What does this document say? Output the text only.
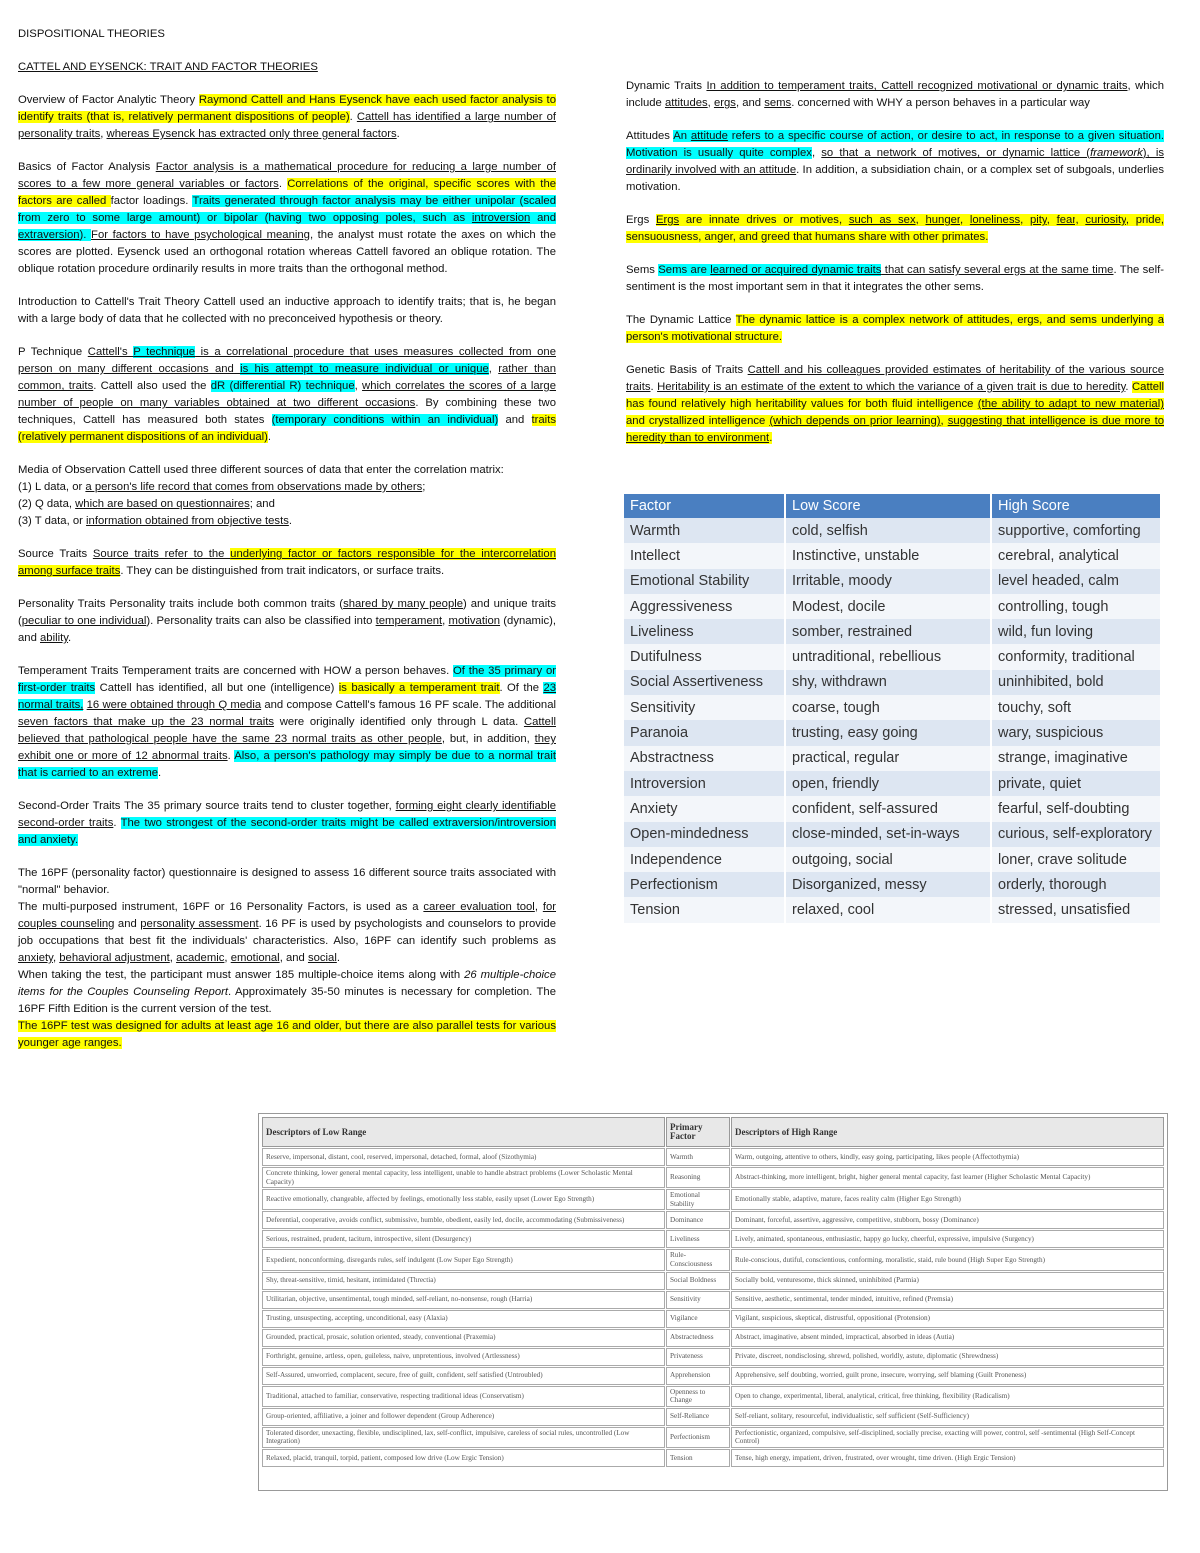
DISPOSITIONAL THEORIES

CATTEL AND EYSENCK: TRAIT AND FACTOR THEORIES

Overview of Factor Analytic Theory Raymond Cattell and Hans Eysenck have each used factor analysis to identify traits (that is, relatively permanent dispositions of people). Cattell has identified a large number of personality traits, whereas Eysenck has extracted only three general factors.

Basics of Factor Analysis Factor analysis is a mathematical procedure for reducing a large number of scores to a few more general variables or factors. Correlations of the original, specific scores with the factors are called factor loadings. Traits generated through factor analysis may be either unipolar (scaled from zero to some large amount) or bipolar (having two opposing poles, such as introversion and extraversion). For factors to have psychological meaning, the analyst must rotate the axes on which the scores are plotted. Eysenck used an orthogonal rotation whereas Cattell favored an oblique rotation. The oblique rotation procedure ordinarily results in more traits than the orthogonal method.

Introduction to Cattell's Trait Theory Cattell used an inductive approach to identify traits; that is, he began with a large body of data that he collected with no preconceived hypothesis or theory.

P Technique Cattell's P technique is a correlational procedure that uses measures collected from one person on many different occasions and is his attempt to measure individual or unique, rather than common, traits. Cattell also used the dR (differential R) technique, which correlates the scores of a large number of people on many variables obtained at two different occasions. By combining these two techniques, Cattell has measured both states (temporary conditions within an individual) and traits (relatively permanent dispositions of an individual).

Media of Observation Cattell used three different sources of data that enter the correlation matrix:

(1) L data, or a person's life record that comes from observations made by others;

(2) Q data, which are based on questionnaires; and

(3) T data, or information obtained from objective tests.

Source Traits Source traits refer to the underlying factor or factors responsible for the intercorrelation among surface traits. They can be distinguished from trait indicators, or surface traits.

Personality Traits Personality traits include both common traits (shared by many people) and unique traits (peculiar to one individual). Personality traits can also be classified into temperament, motivation (dynamic), and ability.

Temperament Traits Temperament traits are concerned with HOW a person behaves. Of the 35 primary or first-order traits Cattell has identified, all but one (intelligence) is basically a temperament trait. Of the 23 normal traits, 16 were obtained through Q media and compose Cattell's famous 16 PF scale. The additional seven factors that make up the 23 normal traits were originally identified only through L data. Cattell believed that pathological people have the same 23 normal traits as other people, but, in addition, they exhibit one or more of 12 abnormal traits. Also, a person's pathology may simply be due to a normal trait that is carried to an extreme.

Second-Order Traits The 35 primary source traits tend to cluster together, forming eight clearly identifiable second-order traits. The two strongest of the second-order traits might be called extraversion/introversion and anxiety.

The 16PF (personality factor) questionnaire is designed to assess 16 different source traits associated with "normal" behavior.

The multi-purposed instrument, 16PF or 16 Personality Factors, is used as a career evaluation tool, for couples counseling and personality assessment. 16 PF is used by psychologists and counselors to provide job occupations that best fit the individuals' characteristics. Also, 16PF can identify such problems as anxiety, behavioral adjustment, academic, emotional, and social.

When taking the test, the participant must answer 185 multiple-choice items along with 26 multiple-choice items for the Couples Counseling Report. Approximately 35-50 minutes is necessary for completion. The 16PF Fifth Edition is the current version of the test.

The 16PF test was designed for adults at least age 16 and older, but there are also parallel tests for various younger age ranges.

Dynamic Traits In addition to temperament traits, Cattell recognized motivational or dynamic traits, which include attitudes, ergs, and sems. concerned with WHY a person behaves in a particular way

Attitudes An attitude refers to a specific course of action, or desire to act, in response to a given situation. Motivation is usually quite complex, so that a network of motives, or dynamic lattice (framework), is ordinarily involved with an attitude. In addition, a subsidiation chain, or a complex set of subgoals, underlies motivation.

Ergs Ergs are innate drives or motives, such as sex, hunger, loneliness, pity, fear, curiosity, pride, sensuousness, anger, and greed that humans share with other primates.

Sems Sems are learned or acquired dynamic traits that can satisfy several ergs at the same time. The self-sentiment is the most important sem in that it integrates the other sems.

The Dynamic Lattice The dynamic lattice is a complex network of attitudes, ergs, and sems underlying a person's motivational structure.

Genetic Basis of Traits Cattell and his colleagues provided estimates of heritability of the various source traits. Heritability is an estimate of the extent to which the variance of a given trait is due to heredity. Cattell has found relatively high heritability values for both fluid intelligence (the ability to adapt to new material) and crystallized intelligence (which depends on prior learning), suggesting that intelligence is due more to heredity than to environment.

Factor	Low Score	High Score
Warmth	cold, selfish	supportive, comforting
Intellect	Instinctive, unstable	cerebral, analytical
Emotional Stability	Irritable, moody	level headed, calm
Aggressiveness	Modest, docile	controlling, tough
Liveliness	somber, restrained	wild, fun loving
Dutifulness	untraditional, rebellious	conformity, traditional
Social Assertiveness	shy, withdrawn	uninhibited, bold
Sensitivity	coarse, tough	touchy, soft
Paranoia	trusting, easy going	wary, suspicious
Abstractness	practical, regular	strange, imaginative
Introversion	open, friendly	private, quiet
Anxiety	confident, self-assured	fearful, self-doubting
Open-mindedness	close-minded, set-in-ways	curious, self-exploratory
Independence	outgoing, social	loner, crave solitude
Perfectionism	Disorganized, messy	orderly, thorough
Tension	relaxed, cool	stressed, unsatisfied
Descriptors of Low Range	Primary Factor	Descriptors of High Range
Reserve, impersonal, distant, cool, reserved, impersonal, detached, formal, aloof (Sizothymia)	Warmth	Warm, outgoing, attentive to others, kindly, easy going, participating, likes people (Affectothymia)
Concrete thinking, lower general mental capacity, less intelligent, unable to handle abstract problems (Lower Scholastic Mental Capacity)	Reasoning	Abstract-thinking, more intelligent, bright, higher general mental capacity, fast learner (Higher Scholastic Mental Capacity)
Reactive emotionally, changeable, affected by feelings, emotionally less stable, easily upset (Lower Ego Strength)	Emotional Stability	Emotionally stable, adaptive, mature, faces reality calm (Higher Ego Strength)
Deferential, cooperative, avoids conflict, submissive, humble, obedient, easily led, docile, accommodating (Submissiveness)	Dominance	Dominant, forceful, assertive, aggressive, competitive, stubborn, bossy (Dominance)
Serious, restrained, prudent, taciturn, introspective, silent (Desurgency)	Liveliness	Lively, animated, spontaneous, enthusiastic, happy go lucky, cheerful, expressive, impulsive (Surgency)
Expedient, nonconforming, disregards rules, self indulgent (Low Super Ego Strength)	Rule-Consciousness	Rule-conscious, dutiful, conscientious, conforming, moralistic, staid, rule bound (High Super Ego Strength)
Shy, threat-sensitive, timid, hesitant, intimidated (Threctia)	Social Boldness	Socially bold, venturesome, thick skinned, uninhibited (Parmia)
Utilitarian, objective, unsentimental, tough minded, self-reliant, no-nonsense, rough (Harria)	Sensitivity	Sensitive, aesthetic, sentimental, tender minded, intuitive, refined (Premsia)
Trusting, unsuspecting, accepting, unconditional, easy (Alaxia)	Vigilance	Vigilant, suspicious, skeptical, distrustful, oppositional (Protension)
Grounded, practical, prosaic, solution oriented, steady, conventional (Praxemia)	Abstractedness	Abstract, imaginative, absent minded, impractical, absorbed in ideas (Autia)
Forthright, genuine, artless, open, guileless, naive, unpretentious, involved (Artlessness)	Privateness	Private, discreet, nondisclosing, shrewd, polished, worldly, astute, diplomatic (Shrewdness)
Self-Assured, unworried, complacent, secure, free of guilt, confident, self satisfied (Untroubled)	Apprehension	Apprehensive, self doubting, worried, guilt prone, insecure, worrying, self blaming (Guilt Proneness)
Traditional, attached to familiar, conservative, respecting traditional ideas (Conservatism)	Openness to Change	Open to change, experimental, liberal, analytical, critical, free thinking, flexibility (Radicalism)
Group-oriented, affiliative, a joiner and follower dependent (Group Adherence)	Self-Reliance	Self-reliant, solitary, resourceful, individualistic, self sufficient (Self-Sufficiency)
Tolerated disorder, unexacting, flexible, undisciplined, lax, self-conflict, impulsive, careless of social rules, uncontrolled (Low Integration)	Perfectionism	Perfectionistic, organized, compulsive, self-disciplined, socially precise, exacting will power, control, self -sentimental (High Self-Concept Control)
Relaxed, placid, tranquil, torpid, patient, composed low drive (Low Ergic Tension)	Tension	Tense, high energy, impatient, driven, frustrated, over wrought, time driven. (High Ergic Tension)
